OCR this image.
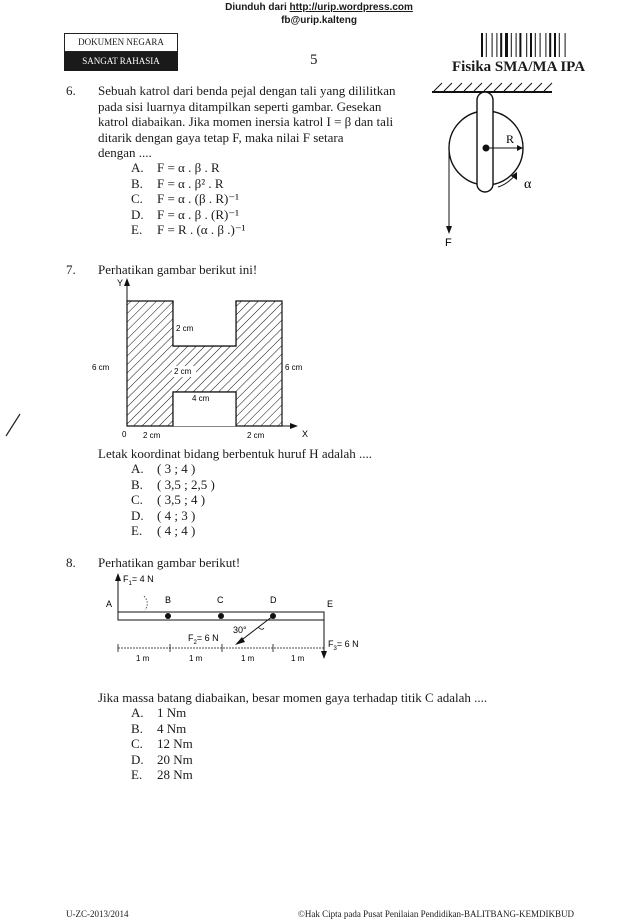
Diunduh dari http://urip.wordpress.com
fb@urip.kalteng
DOKUMEN NEGARA
SANGAT RAHASIA	5	Fisika SMA/MA IPA
6. Sebuah katrol dari benda pejal dengan tali yang dililitkan
pada sisi luarnya ditampilkan seperti gambar. Gesekan
katrol diabaikan. Jika momen inersia katrol I = β dan tali
ditarik dengan gaya tetap F, maka nilai F setara
dengan ....
A. F = α . β . R
B. F = α . β² . R
C. F = α . (β . R)⁻¹
D. F = α . β . (R)⁻¹
E. F = R . (α . β .)⁻¹
R
F
α
7. Perhatikan gambar berikut ini!
Y
2 cm
2 cm
4 cm
6 cm	6 cm
0 2 cm	2 cm	X
Letak koordinat bidang berbentuk huruf H adalah ....
A. ( 3 ; 4 )
B. ( 3,5 ; 2,5 )
C. ( 3,5 ; 4 )
D. ( 4 ; 3 )
E. ( 4 ; 4 )
8. Perhatikan gambar berikut!
$F_1= 4$ N
A	B	C	D	E
30°
$F_2= 6$ N
$F_3= 6$ N
1 m	1 m	1 m	1 m
Jika massa batang diabaikan, besar momen gaya terhadap titik C adalah ....
A. 1 Nm
B. 4 Nm
C. 12 Nm
D. 20 Nm
E. 28 Nm
U-ZC-2013/2014	©Hak Cipta pada Pusat Penilaian Pendidikan-BALITBANG-KEMDIKBUD
